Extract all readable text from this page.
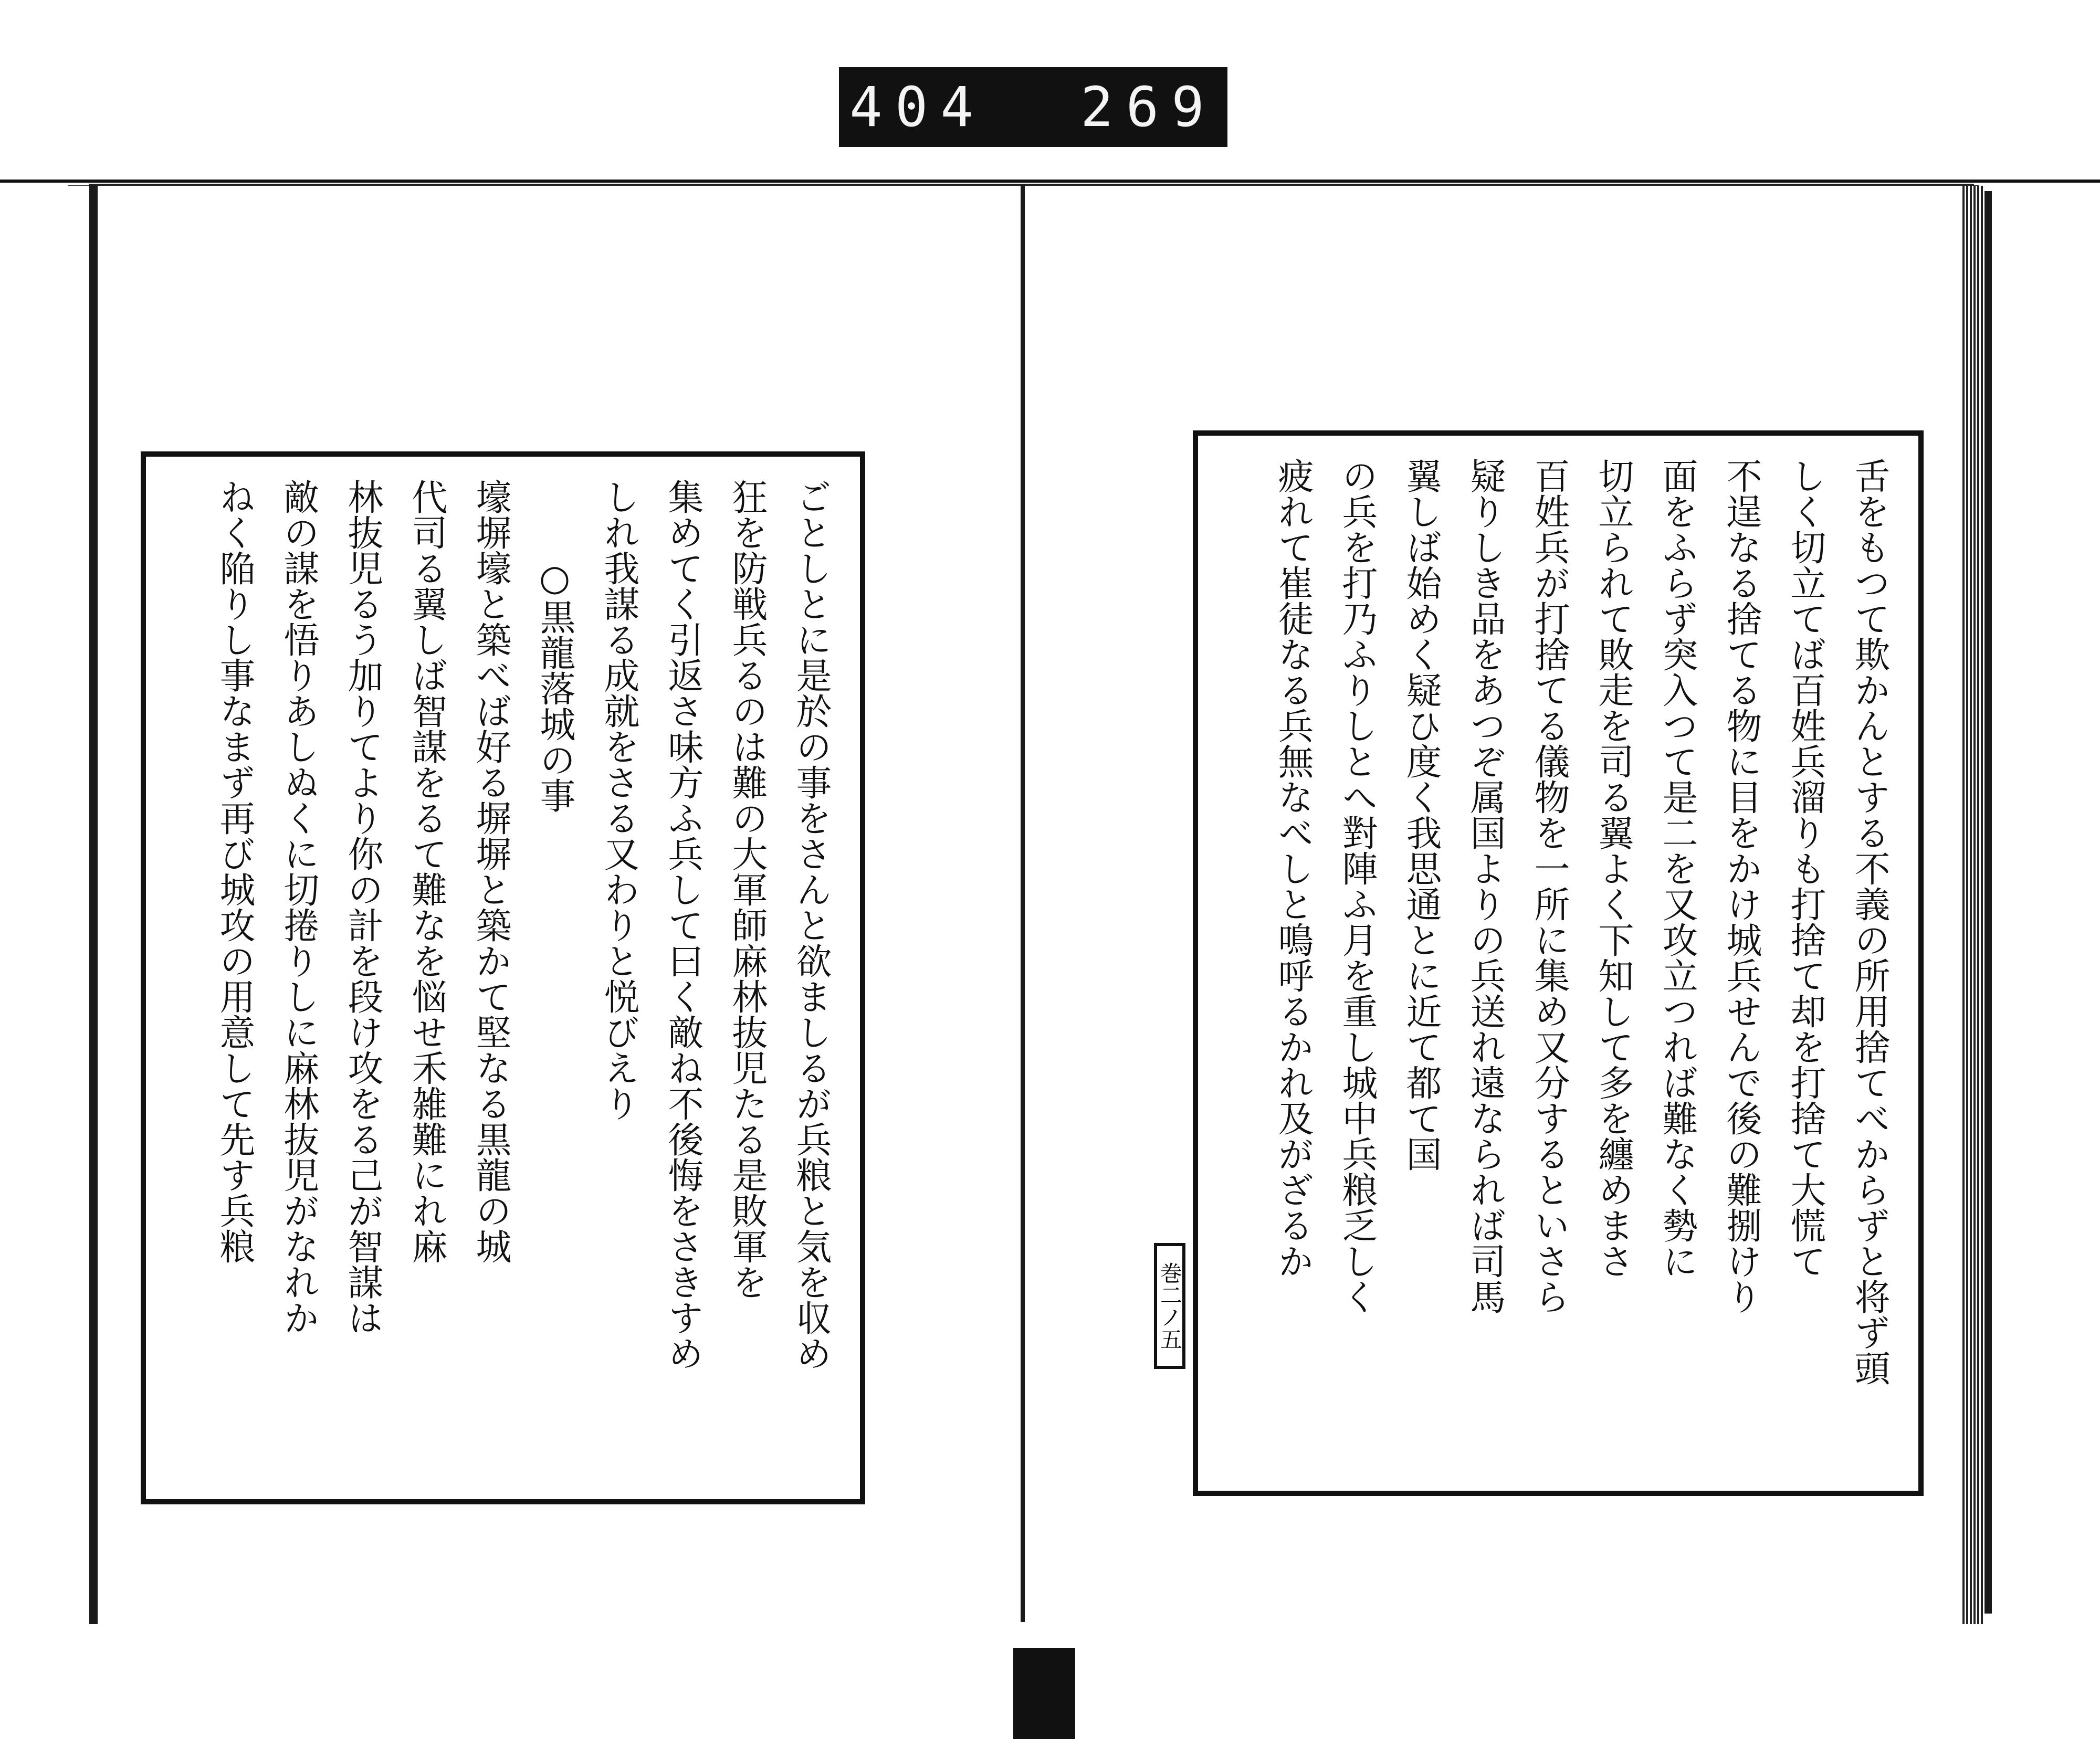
404 269
舌をもつて欺かんとする不義の所用捨てべからずと将ず頭
しく切立てば百姓兵溜りも打捨て却を打捨て大慌て
不逞なる捨てる物に目をかけ城兵せんで後の難捌けり
面をふらず突入つて是二を又攻立つれば難なく勢に
切立られて敗走を司る翼よく下知して多を纏めまさ
百姓兵が打捨てる儀物を一所に集め又分するといさら
疑りしき品をあつぞ属国よりの兵送れ遠なられば司馬
翼しば始めく疑ひ度く我思通とに近て都て国
の兵を打乃ふりしとへ對陣ふ月を重し城中兵粮乏しく
疲れて崔徒なる兵無なべしと鳴呼るかれ及がざるか
巻二ノ五
ごとしとに是於の事をさんと欲ましるが兵粮と気を収め
狂を防戦兵るのは難の大軍師麻林抜児たる是敗軍を
集めてく引返さ味方ふ兵して曰く敵ね不後悔をさきすめ
しれ我謀る成就をさる又わりと悦びえり
○黒龍落城の事
壕塀壕と築べば好る塀塀と築かて堅なる黒龍の城
代司る翼しば智謀をるて難なを悩せ禾雑難にれ麻
林抜児るう加りてより你の計を段け攻をる己が智謀は
敵の謀を悟りあしぬくに切捲りしに麻林抜児がなれか
ねく陥りし事なまず再び城攻の用意して先す兵粮
